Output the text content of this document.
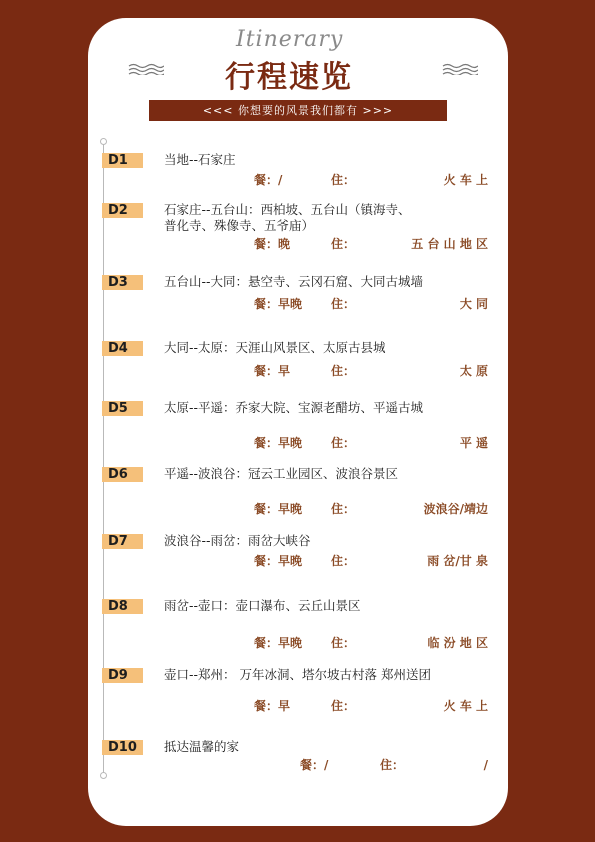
Itinerary
行程速览
<<< 你想要的风景我们都有 >>>
D1	当地--石家庄
餐：/	住：	火 车 上
D2	石家庄--五台山：西柏坡、五台山（镇海寺、
普化寺、殊像寺、五爷庙）
餐：晚	住：	五 台 山 地 区
D3	五台山--大同：悬空寺、云冈石窟、大同古城墙
餐：早晚 住：	大 同
D4	大同--太原：天涯山风景区、太原古县城
餐：早	住：	太 原
D5	太原--平遥：乔家大院、宝源老醋坊、平遥古城
餐：早晚 住：	平 遥
D6	平遥--波浪谷：冠云工业园区、波浪谷景区
餐：早晚 住：	波浪谷/靖边
D7	波浪谷--雨岔：雨岔大峡谷
餐：早晚 住：	雨 岔/甘 泉
D8	雨岔--壶口：壶口瀑布、云丘山景区
餐：早晚 住：	临 汾 地 区
D9	壶口--郑州： 万年冰洞、塔尔坡古村落 郑州送团
餐：早	住：	火 车 上
D10	抵达温馨的家
餐：/	住：	/
